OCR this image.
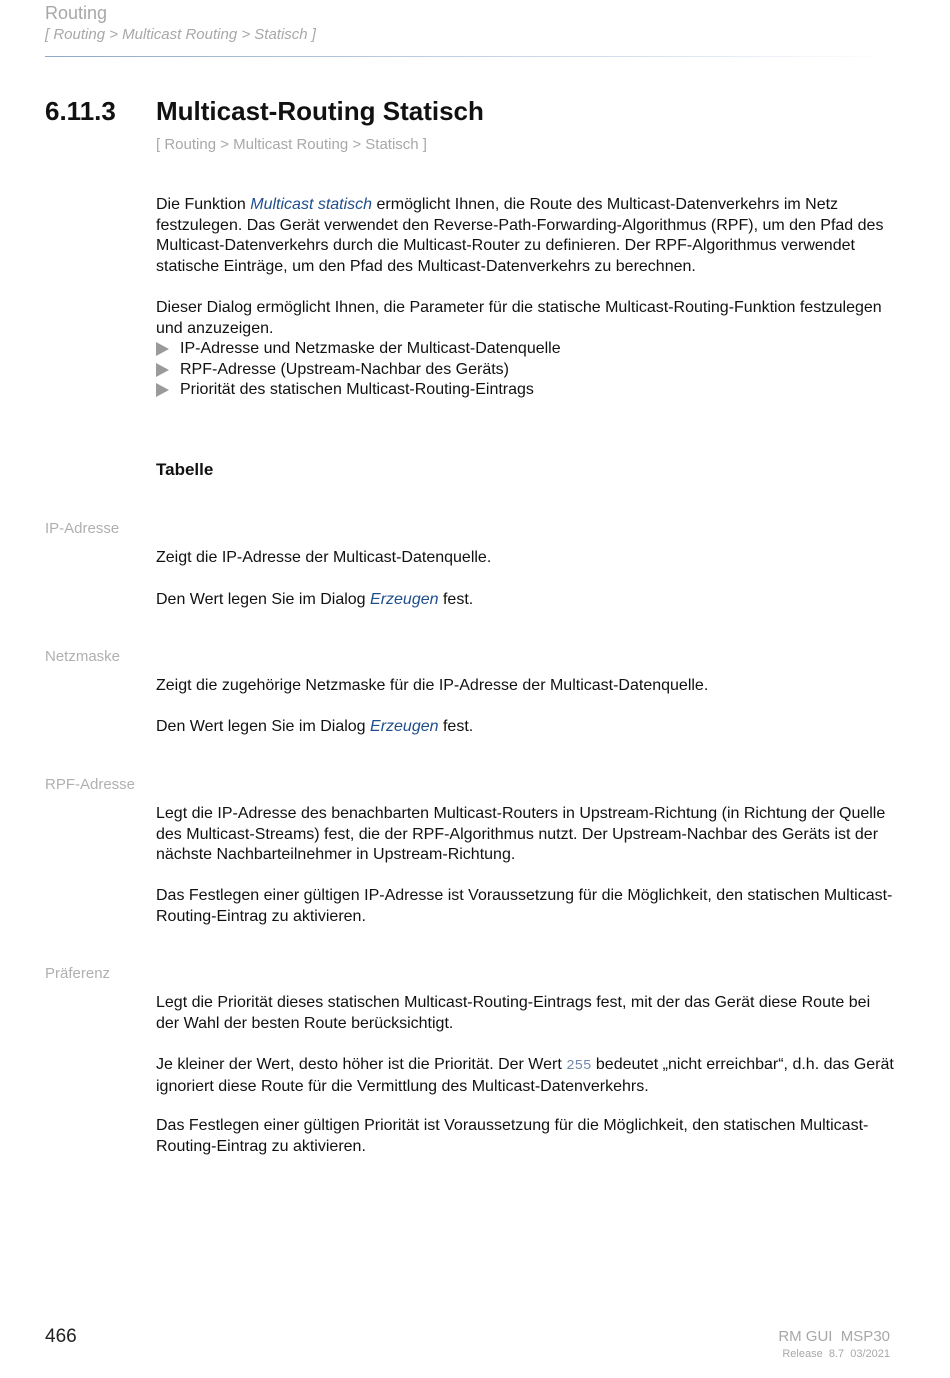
Routing
[ Routing > Multicast Routing > Statisch ]
6.11.3 Multicast-Routing Statisch
[ Routing > Multicast Routing > Statisch ]

Die Funktion Multicast statisch ermöglicht Ihnen, die Route des Multicast-Datenverkehrs im Netz festzulegen. Das Gerät verwendet den Reverse-Path-Forwarding-Algorithmus (RPF), um den Pfad des Multicast-Datenverkehrs durch die Multicast-Router zu definieren. Der RPF-Algorithmus verwendet statische Einträge, um den Pfad des Multicast-Datenverkehrs zu berechnen.

Dieser Dialog ermöglicht Ihnen, die Parameter für die statische Multicast-Routing-Funktion festzulegen und anzuzeigen.
IP-Adresse und Netzmaske der Multicast-Datenquelle
RPF-Adresse (Upstream-Nachbar des Geräts)
Priorität des statischen Multicast-Routing-Eintrags
Tabelle
IP-Adresse
Zeigt die IP-Adresse der Multicast-Datenquelle.
Den Wert legen Sie im Dialog Erzeugen fest.
Netzmaske
Zeigt die zugehörige Netzmaske für die IP-Adresse der Multicast-Datenquelle.
Den Wert legen Sie im Dialog Erzeugen fest.
RPF-Adresse
Legt die IP-Adresse des benachbarten Multicast-Routers in Upstream-Richtung (in Richtung der Quelle des Multicast-Streams) fest, die der RPF-Algorithmus nutzt. Der Upstream-Nachbar des Geräts ist der nächste Nachbarteilnehmer in Upstream-Richtung.
Das Festlegen einer gültigen IP-Adresse ist Voraussetzung für die Möglichkeit, den statischen Multicast-Routing-Eintrag zu aktivieren.
Präferenz
Legt die Priorität dieses statischen Multicast-Routing-Eintrags fest, mit der das Gerät diese Route bei der Wahl der besten Route berücksichtigt.
Je kleiner der Wert, desto höher ist die Priorität. Der Wert 255 bedeutet „nicht erreichbar“, d.h. das Gerät ignoriert diese Route für die Vermittlung des Multicast-Datenverkehrs.
Das Festlegen einer gültigen Priorität ist Voraussetzung für die Möglichkeit, den statischen Multicast-Routing-Eintrag zu aktivieren.
466	RM GUI  MSP30
Release  8.7  03/2021
